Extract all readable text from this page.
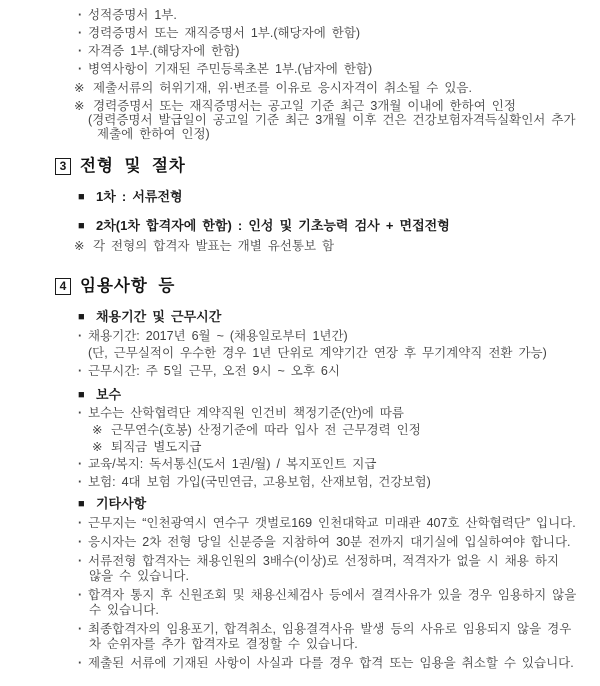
· 성적증명서 1부.
· 경력증명서 또는 재직증명서 1부.(해당자에 한함)
· 자격증 1부.(해당자에 한함)
· 병역사항이 기재된 주민등록초본 1부.(남자에 한함)
※ 제출서류의 허위기재, 위·변조를 이유로 응시자격이 취소될 수 있음.
※ 경력증명서 또는 재직증명서는 공고일 기준 최근 3개월 이내에 한하여 인정
(경력증명서 발급일이 공고일 기준 최근 3개월 이후 건은 건강보험자격득실확인서 추가
제출에 한하여 인정)
3 전형 및 절차
■ 1차 : 서류전형
■ 2차(1차 합격자에 한함) : 인성 및 기초능력 검사 + 면접전형
※ 각 전형의 합격자 발표는 개별 유선통보 함
4 임용사항 등
■ 채용기간 및 근무시간
· 채용기간: 2017년 6월 ~ (채용일로부터 1년간)
(단, 근무실적이 우수한 경우 1년 단위로 계약기간 연장 후 무기계약직 전환 가능)
· 근무시간: 주 5일 근무, 오전 9시 ~ 오후 6시
■ 보수
· 보수는 산학협력단 계약직원 인건비 책정기준(안)에 따름
※ 근무연수(호봉) 산정기준에 따라 입사 전 근무경력 인정
※ 퇴직금 별도지급
· 교육/복지: 독서통신(도서 1권/월) / 복지포인트 지급
· 보험: 4대 보험 가입(국민연금, 고용보험, 산재보험, 건강보험)
■ 기타사항
· 근무지는 “인천광역시 연수구 갯벌로169 인천대학교 미래관 407호 산학협력단” 입니다.
· 응시자는 2차 전형 당일 신분증을 지참하여 30분 전까지 대기실에 입실하여야 합니다.
· 서류전형 합격자는 채용인원의 3배수(이상)로 선정하며, 적격자가 없을 시 채용 하지
않을 수 있습니다.
· 합격자 통지 후 신원조회 및 채용신체검사 등에서 결격사유가 있을 경우 임용하지 않을
수 있습니다.
· 최종합격자의 임용포기, 합격취소, 임용결격사유 발생 등의 사유로 임용되지 않을 경우
차 순위자를 추가 합격자로 결정할 수 있습니다.
· 제출된 서류에 기재된 사항이 사실과 다를 경우 합격 또는 임용을 취소할 수 있습니다.
